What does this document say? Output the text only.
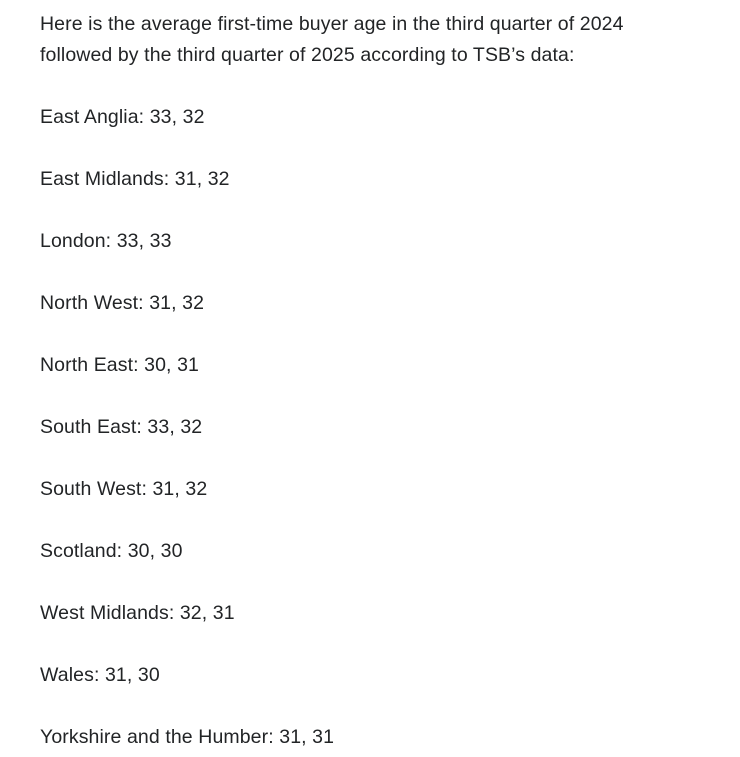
Here is the average first-time buyer age in the third quarter of 2024 followed by the third quarter of 2025 according to TSB’s data:

East Anglia: 33, 32
East Midlands: 31, 32
London: 33, 33
North West: 31, 32
North East: 30, 31
South East: 33, 32
South West: 31, 32
Scotland: 30, 30
West Midlands: 32, 31
Wales: 31, 30
Yorkshire and the Humber: 31, 31
